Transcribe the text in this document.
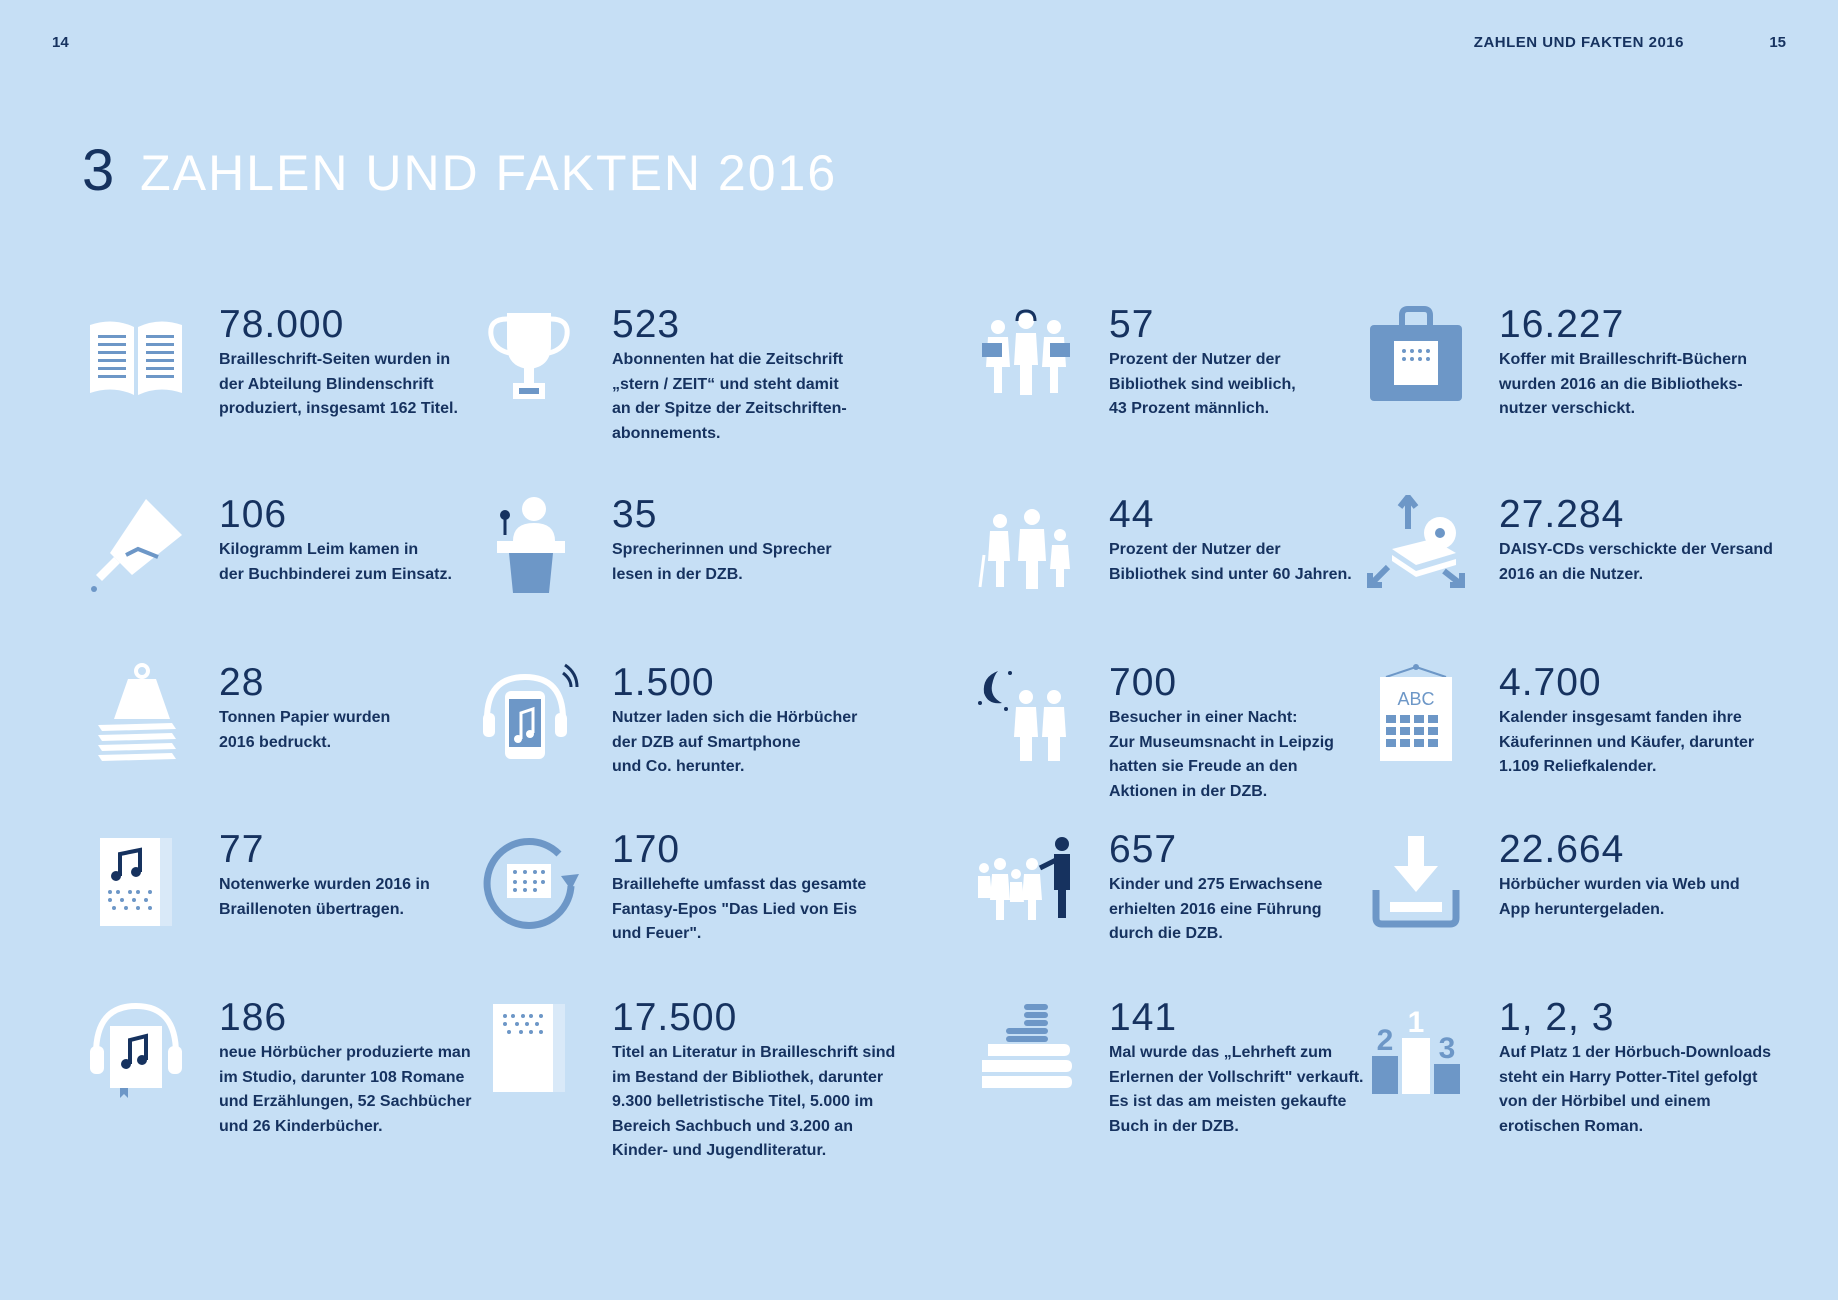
14	ZAHLEN UND FAKTEN 2016	15
3 ZAHLEN UND FAKTEN 2016
78.000
Brailleschrift-Seiten wurden in
der Abteilung Blindenschrift
produziert, insgesamt 162 Titel.
523
Abonnenten hat die Zeitschrift
„stern / ZEIT“ und steht damit
an der Spitze der Zeitschriften-
abonnements.
57
Prozent der Nutzer der
Bibliothek sind weiblich,
43 Prozent männlich.
16.227
Koffer mit Brailleschrift-Büchern
wurden 2016 an die Bibliotheks-
nutzer verschickt.
106
Kilogramm Leim kamen in
der Buchbinderei zum Einsatz.
35
Sprecherinnen und Sprecher
lesen in der DZB.
44
Prozent der Nutzer der
Bibliothek sind unter 60 Jahren.
27.284
DAISY-CDs verschickte der Versand
2016 an die Nutzer.
28
Tonnen Papier wurden
2016 bedruckt.
1.500
Nutzer laden sich die Hörbücher
der DZB auf Smartphone
und Co. herunter.
700
Besucher in einer Nacht:
Zur Museumsnacht in Leipzig
hatten sie Freude an den
Aktionen in der DZB.
ABC 4.700
Kalender insgesamt fanden ihre
Käuferinnen und Käufer, darunter
1.109 Reliefkalender.
77
Notenwerke wurden 2016 in
Braillenoten übertragen.
170
Braillehefte umfasst das gesamte
Fantasy-Epos "Das Lied von Eis
und Feuer".
657
Kinder und 275 Erwachsene
erhielten 2016 eine Führung
durch die DZB.
22.664
Hörbücher wurden via Web und
App heruntergeladen.
186
neue Hörbücher produzierte man
im Studio, darunter 108 Romane
und Erzählungen, 52 Sachbücher
und 26 Kinderbücher.
17.500
Titel an Literatur in Brailleschrift sind
im Bestand der Bibliothek, darunter
9.300 belletristische Titel, 5.000 im
Bereich Sachbuch und 3.200 an
Kinder- und Jugendliteratur.
141
Mal wurde das „Lehrheft zum
Erlernen der Vollschrift" verkauft.
Es ist das am meisten gekaufte
Buch in der DZB.
1
2 3
1, 2, 3
Auf Platz 1 der Hörbuch-Downloads
steht ein Harry Potter-Titel gefolgt
von der Hörbibel und einem
erotischen Roman.
